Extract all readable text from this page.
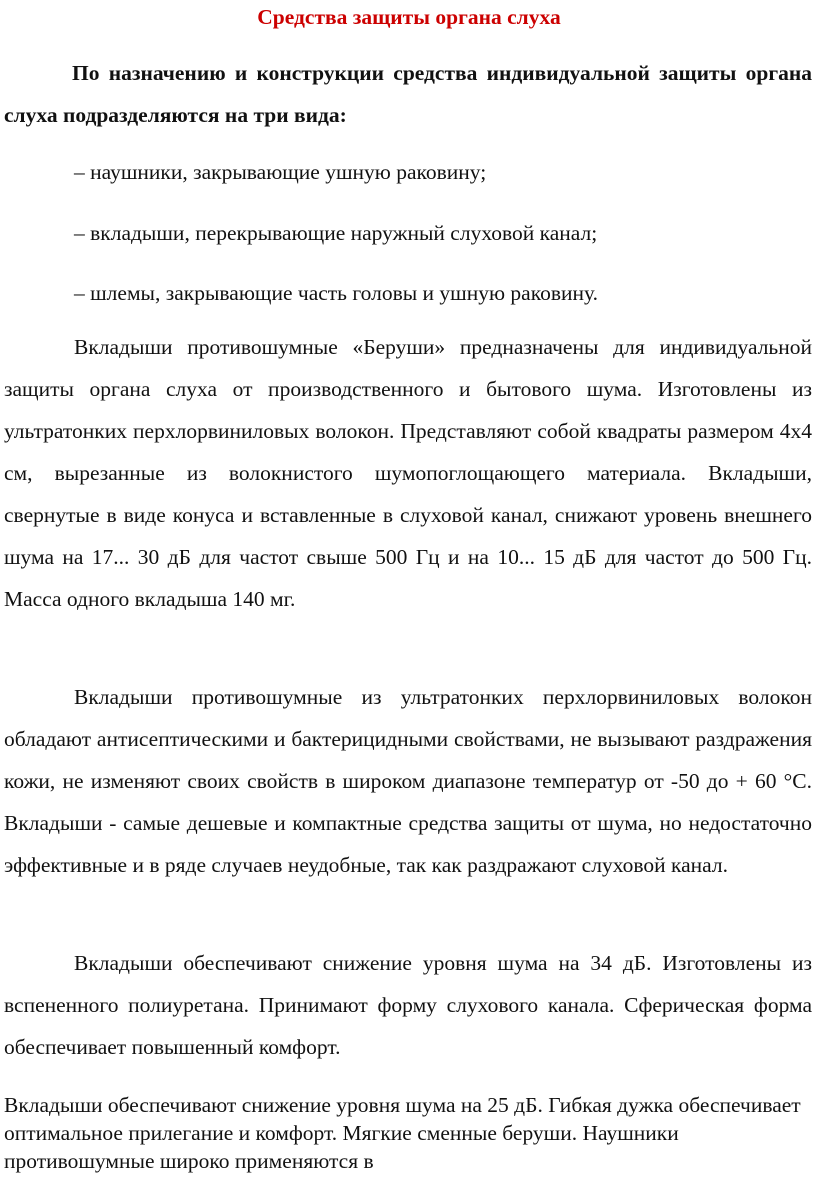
Средства защиты органа слуха

По назначению и конструкции средства индивидуальной защиты органа слуха подразделяются на три вида:

– наушники, закрывающие ушную раковину;

– вкладыши, перекрывающие наружный слуховой канал;

– шлемы, закрывающие часть головы и ушную раковину.

Вкладыши противошумные «Беруши» предназначены для индивидуальной защиты органа слуха от производственного и бытового шума. Изготовлены из ультратонких перхлорвиниловых волокон. Представляют собой квадраты размером 4x4 см, вырезанные из волокнистого шумопоглощающего материала. Вкладыши, свернутые в виде конуса и вставленные в слуховой канал, снижают уровень внешнего шума на 17... 30 дБ для частот свыше 500 Гц и на 10... 15 дБ для частот до 500 Гц. Масса одного вкладыша 140 мг.

Вкладыши противошумные из ультратонких перхлорвиниловых волокон обладают антисептическими и бактерицидными свойствами, не вызывают раздражения кожи, не изменяют своих свойств в широком диапазоне температур от -50 до + 60 °С. Вкладыши - самые дешевые и компактные средства защиты от шума, но недостаточно эффективные и в ряде случаев неудобные, так как раздражают слуховой канал.

Вкладыши обеспечивают снижение уровня шума на 34 дБ. Изготовлены из вспененного полиуретана. Принимают форму слухового канала. Сферическая форма обеспечивает повышенный комфорт.

Вкладыши обеспечивают снижение уровня шума на 25 дБ. Гибкая дужка обеспечивает оптимальное прилегание и комфорт. Мягкие сменные беруши. Наушники противошумные широко применяются в
